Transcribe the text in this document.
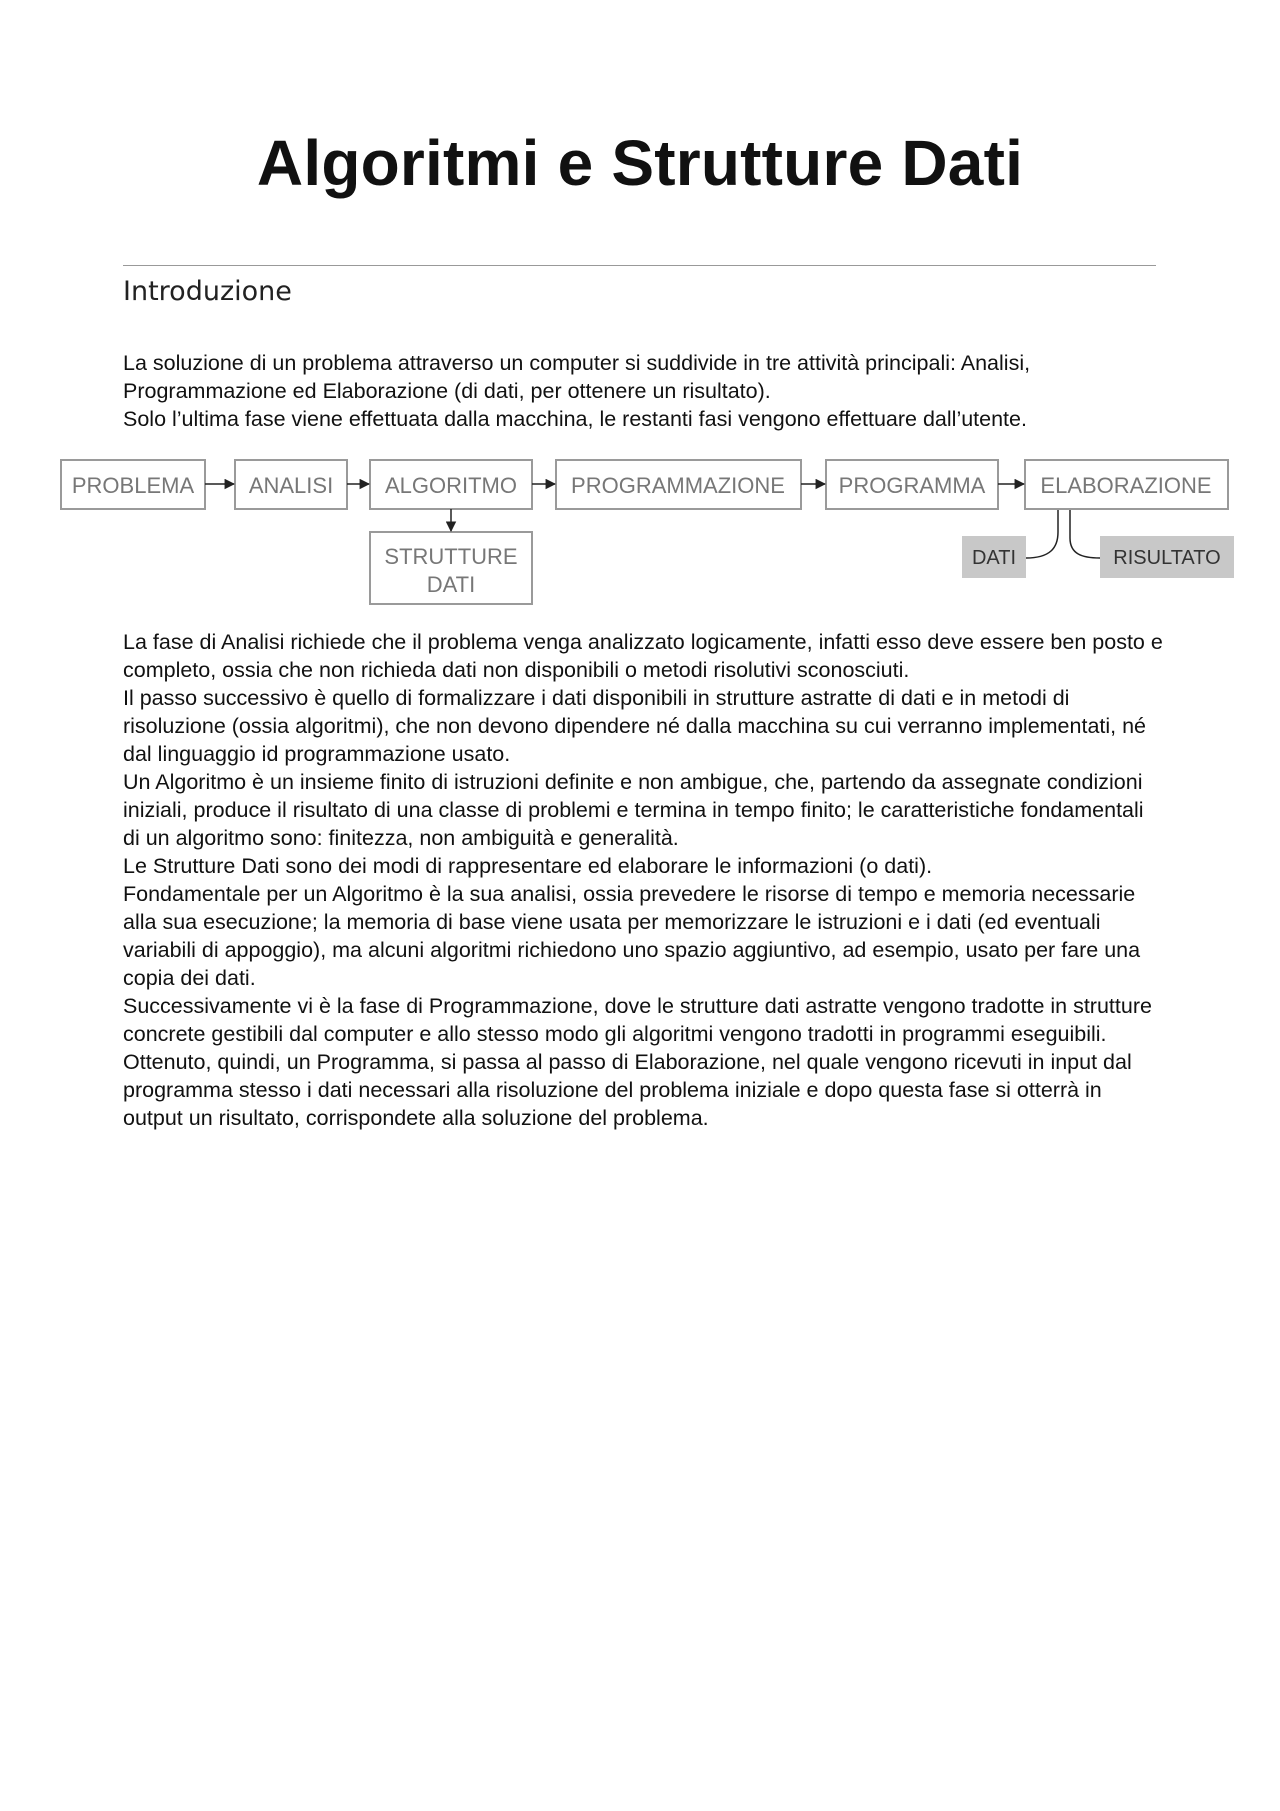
Algoritmi e Strutture Dati
Introduzione

La soluzione di un problema attraverso un computer si suddivide in tre attività principali: Analisi, Programmazione ed Elaborazione (di dati, per ottenere un risultato).

Solo l’ultima fase viene effettuata dalla macchina, le restanti fasi vengono effettuare dall’utente.

PROBLEMA ANALISI ALGORITMO PROGRAMMAZIONE PROGRAMMA	ELABORAZIONE
STRUTTURE
DATI
DATI	RISULTATO

La fase di Analisi richiede che il problema venga analizzato logicamente, infatti esso deve essere ben posto e completo, ossia che non richieda dati non disponibili o metodi risolutivi sconosciuti.

Il passo successivo è quello di formalizzare i dati disponibili in strutture astratte di dati e in metodi di risoluzione (ossia algoritmi), che non devono dipendere né dalla macchina su cui verranno implementati, né dal linguaggio id programmazione usato.

Un Algoritmo è un insieme finito di istruzioni definite e non ambigue, che, partendo da assegnate condizioni iniziali, produce il risultato di una classe di problemi e termina in tempo finito; le caratteristiche fondamentali di un algoritmo sono: finitezza, non ambiguità e generalità.

Le Strutture Dati sono dei modi di rappresentare ed elaborare le informazioni (o dati).

Fondamentale per un Algoritmo è la sua analisi, ossia prevedere le risorse di tempo e memoria necessarie alla sua esecuzione; la memoria di base viene usata per memorizzare le istruzioni e i dati (ed eventuali variabili di appoggio), ma alcuni algoritmi richiedono uno spazio aggiuntivo, ad esempio, usato per fare una copia dei dati.

Successivamente vi è la fase di Programmazione, dove le strutture dati astratte vengono tradotte in strutture concrete gestibili dal computer e allo stesso modo gli algoritmi vengono tradotti in programmi eseguibili.

Ottenuto, quindi, un Programma, si passa al passo di Elaborazione, nel quale vengono ricevuti in input dal programma stesso i dati necessari alla risoluzione del problema iniziale e dopo questa fase si otterrà in output un risultato, corrispondete alla soluzione del problema.
